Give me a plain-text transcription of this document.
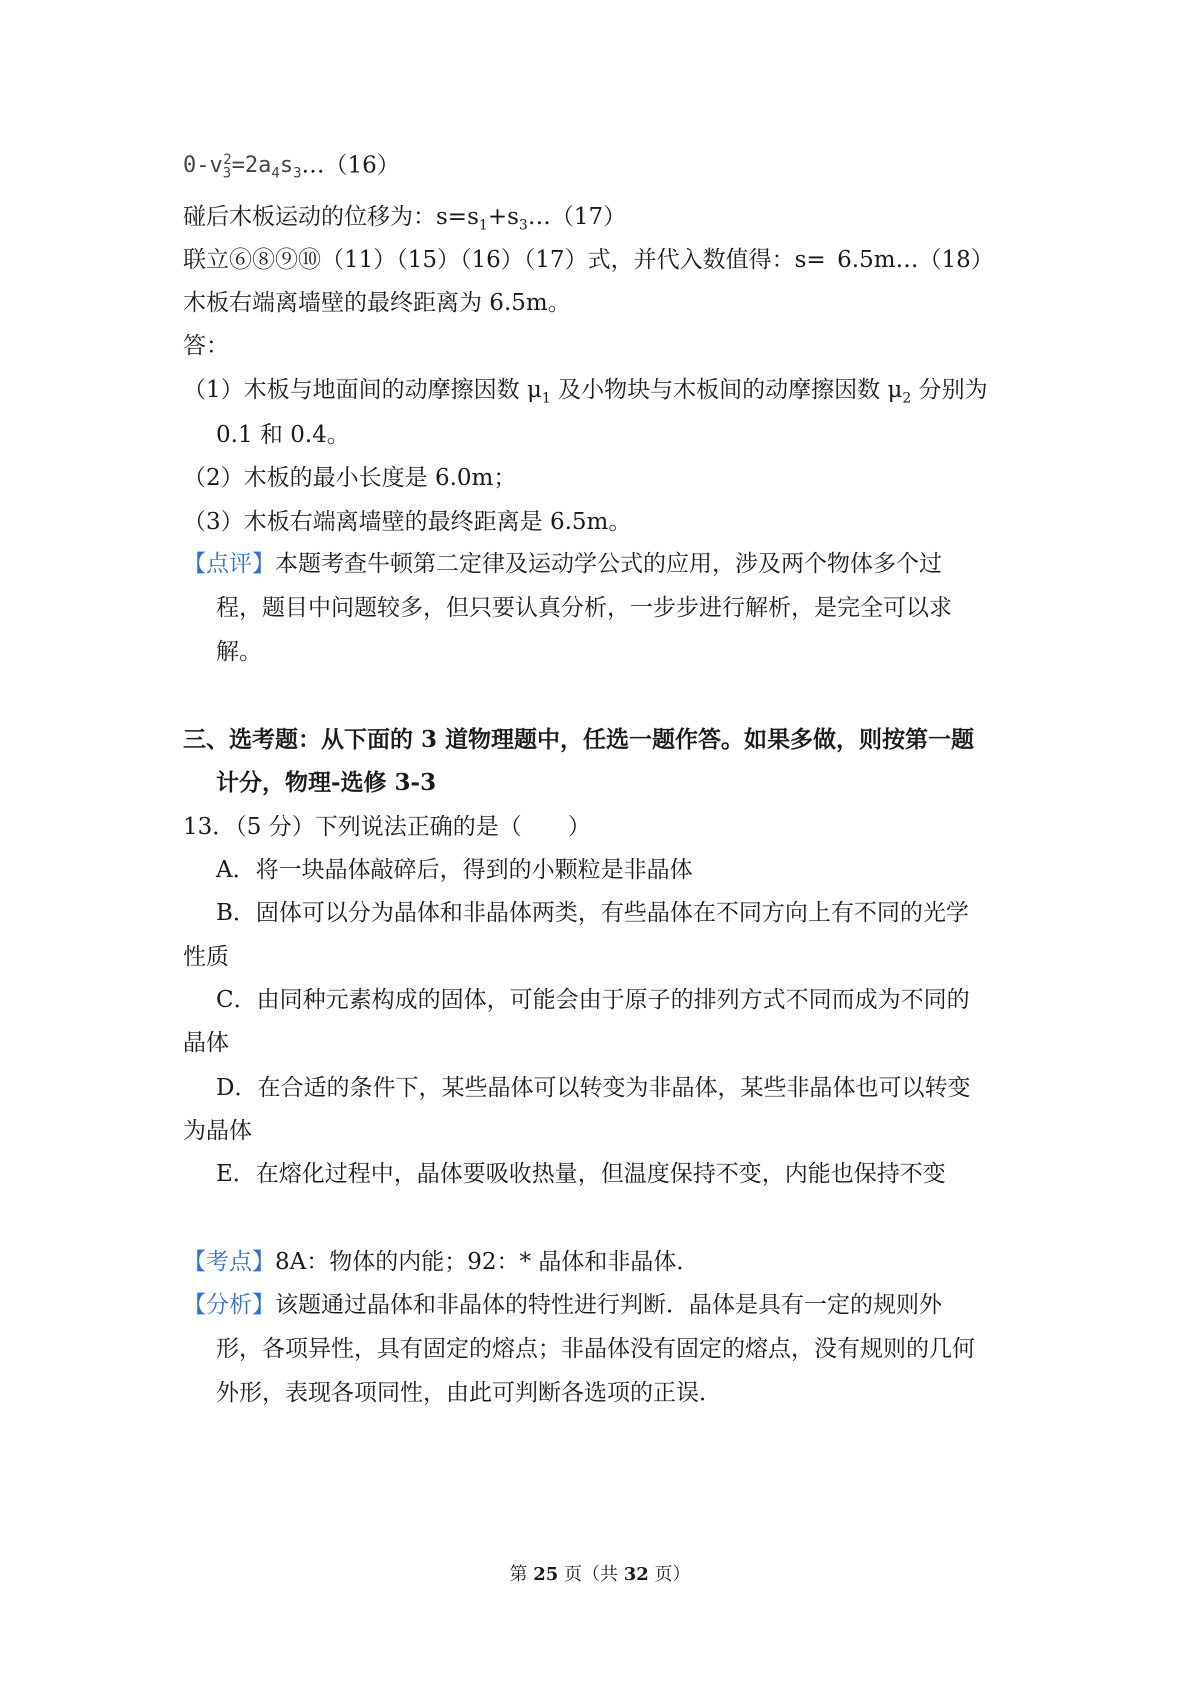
$0-v_3^2=2a_4s_3\dots(16)$
碰后木板运动的位移为：$s=s_1+s_3\dots(17)$
联立⑥⑧⑨⑩（11）（15）（16）（17）式，并代入数值得：s= 6.5m…（18）
木板右端离墙壁的最终距离为 6.5m。
答：
（1）木板与地面间的动摩擦因数 $\mu_1$ 及小物块与木板间的动摩擦因数 $\mu_2$ 分别为
0.1 和 0.4。
（2）木板的最小长度是 6.0m；
（3）木板右端离墙壁的最终距离是 6.5m。
【点评】本题考查牛顿第二定律及运动学公式的应用，涉及两个物体多个过
程，题目中问题较多，但只要认真分析，一步步进行解析，是完全可以求
解。
三、选考题：从下面的 3 道物理题中，任选一题作答。如果多做，则按第一题
计分，物理-选修 3-3
13．（5 分）下列说法正确的是（　　）
A．将一块晶体敲碎后，得到的小颗粒是非晶体
B．固体可以分为晶体和非晶体两类，有些晶体在不同方向上有不同的光学
性质
C．由同种元素构成的固体，可能会由于原子的排列方式不同而成为不同的
晶体
D．在合适的条件下，某些晶体可以转变为非晶体，某些非晶体也可以转变
为晶体
E．在熔化过程中，晶体要吸收热量，但温度保持不变，内能也保持不变
【考点】8A：物体的内能；92：* 晶体和非晶体．
【分析】该题通过晶体和非晶体的特性进行判断．晶体是具有一定的规则外
形，各项异性，具有固定的熔点；非晶体没有固定的熔点，没有规则的几何
外形，表现各项同性，由此可判断各选项的正误．
第 25 页（共 32 页）
